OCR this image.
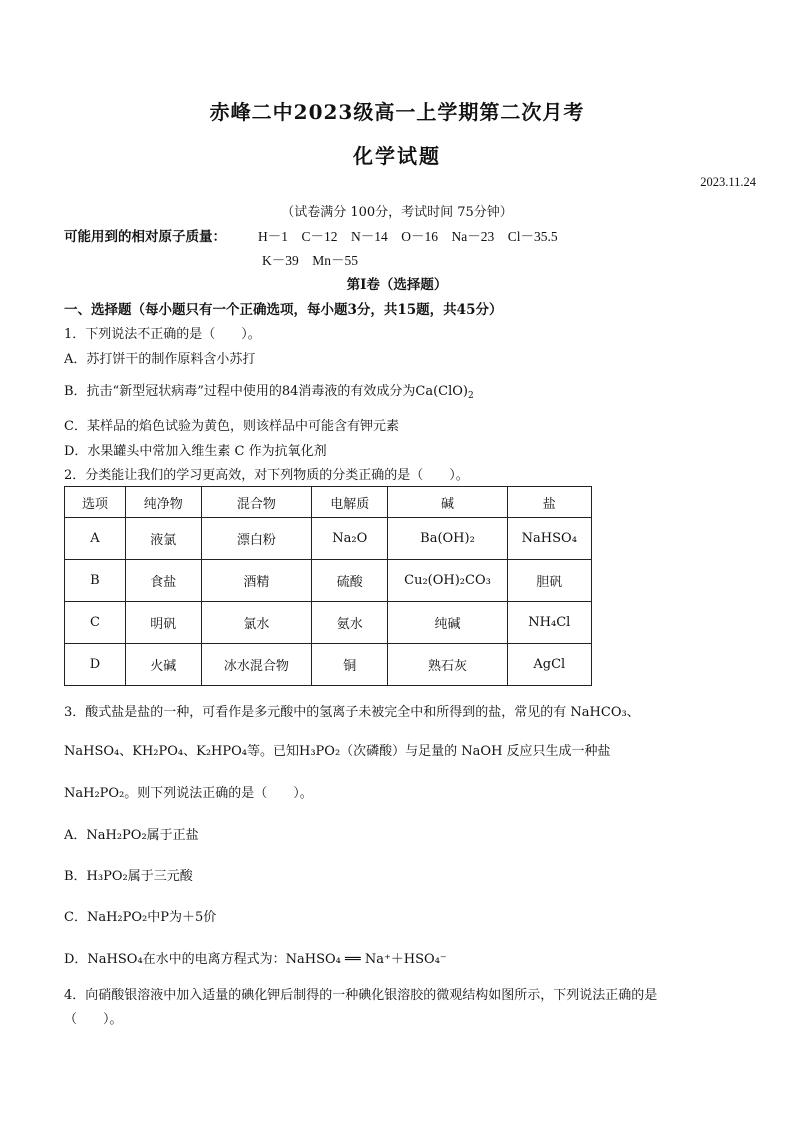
赤峰二中2023级高一上学期第二次月考
化学试题
2023.11.24
（试卷满分 100分，考试时间 75分钟）
可能用到的相对原子质量： H－1　C－12　N－14　O－16　Na－23　Cl－35.5
K－39　Mn－55
第Ⅰ卷（选择题）
一、选择题（每小题只有一个正确选项，每小题3分，共15题，共45分）
1．下列说法不正确的是（　　）。
A．苏打饼干的制作原料含小苏打
B．抗击“新型冠状病毒”过程中使用的84消毒液的有效成分为$Ca(ClO)_2$
C．某样品的焰色试验为黄色，则该样品中可能含有钾元素
D．水果罐头中常加入维生素 C 作为抗氧化剂
2．分类能让我们的学习更高效，对下列物质的分类正确的是（　　）。
选项	纯净物	混合物	电解质	碱	盐
A	液氯	漂白粉	Na₂O	Ba(OH)₂	NaHSO₄
B	食盐	酒精	硫酸	Cu₂(OH)₂CO₃	胆矾
C	明矾	氯水	氨水	纯碱	NH₄Cl
D	火碱	冰水混合物	铜	熟石灰	AgCl
3．酸式盐是盐的一种，可看作是多元酸中的氢离子未被完全中和所得到的盐，常见的有 NaHCO₃、
NaHSO₄、KH₂PO₄、K₂HPO₄等。已知H₃PO₂（次磷酸）与足量的 NaOH 反应只生成一种盐
NaH₂PO₂。则下列说法正确的是（　　）。
A．NaH₂PO₂属于正盐
B．H₃PO₂属于三元酸
C．NaH₂PO₂中P为＋5价
D．NaHSO₄在水中的电离方程式为：NaHSO₄ ══ Na⁺＋HSO₄⁻
4．向硝酸银溶液中加入适量的碘化钾后制得的一种碘化银溶胶的微观结构如图所示，下列说法正确的是
（　　）。
